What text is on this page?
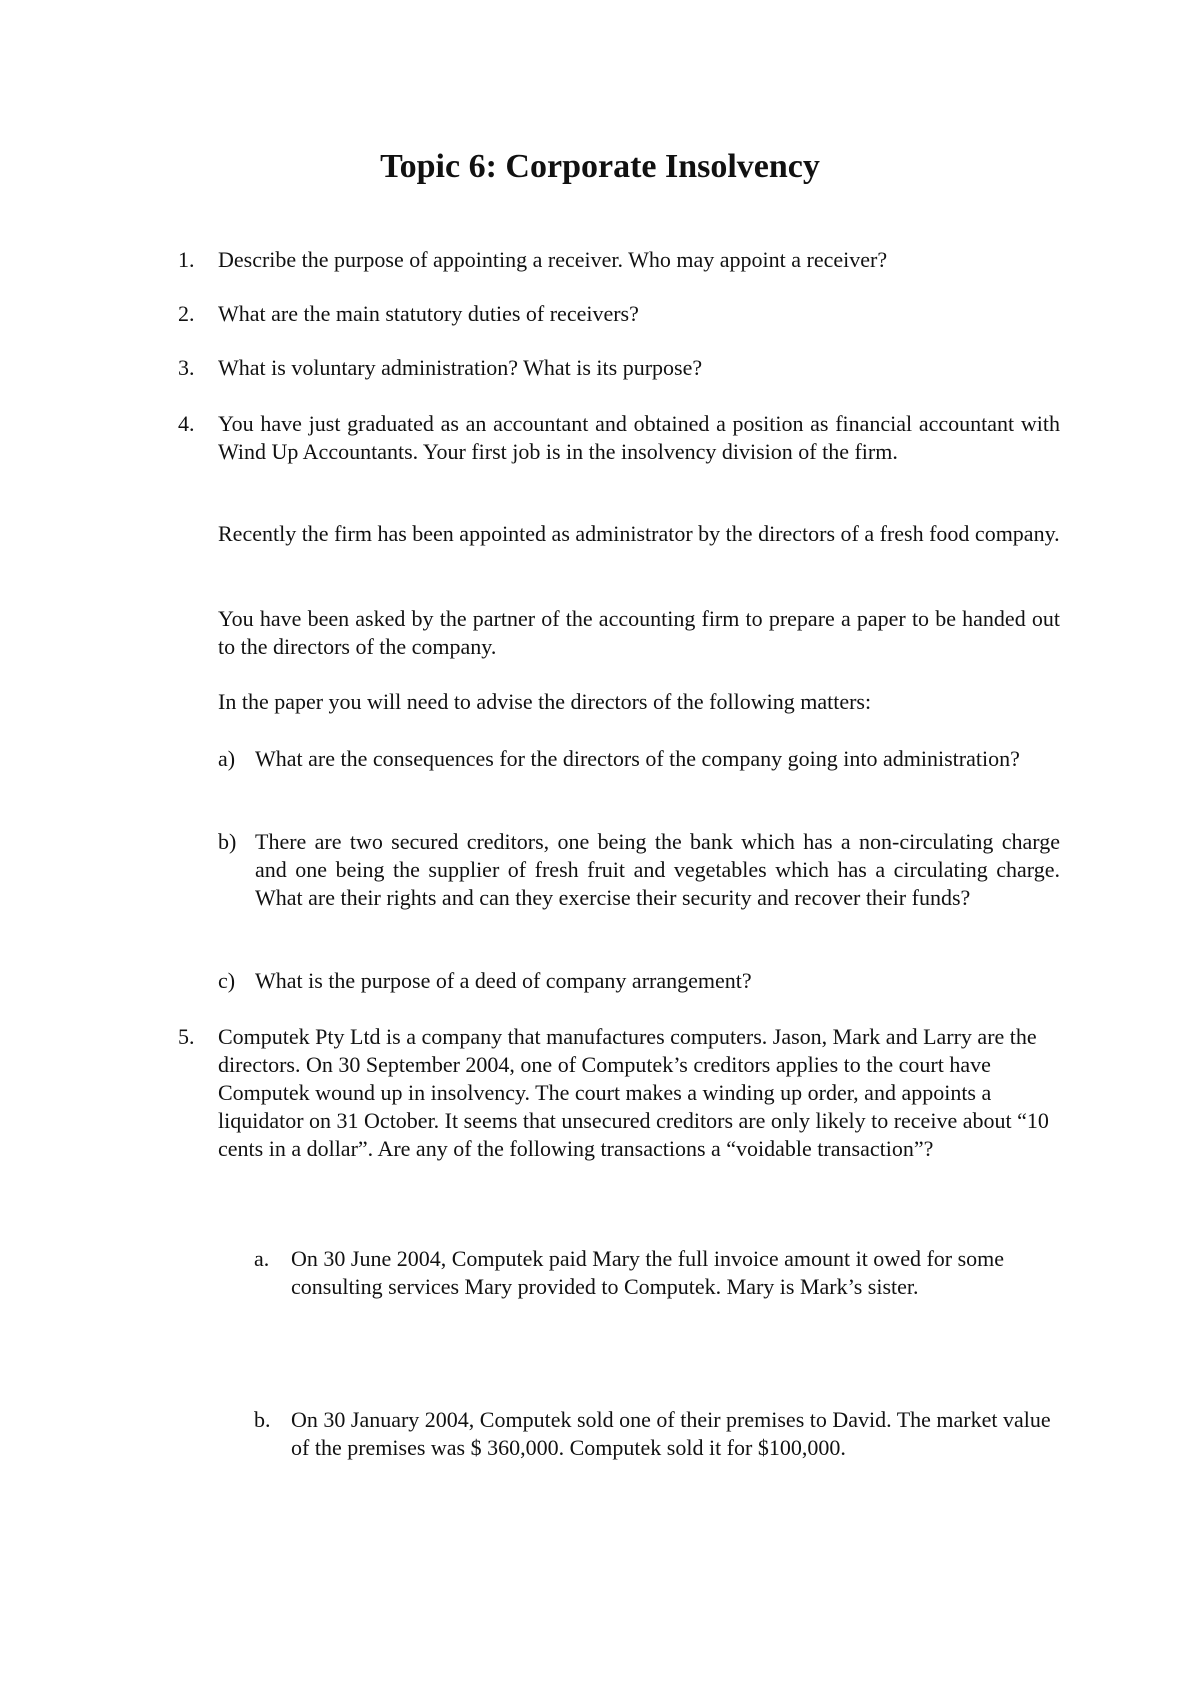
Topic 6: Corporate Insolvency
1. Describe the purpose of appointing a receiver. Who may appoint a receiver?

2. What are the main statutory duties of receivers?

3. What is voluntary administration? What is its purpose?

4. You have just graduated as an accountant and obtained a position as financial accountant with Wind Up Accountants. Your first job is in the insolvency division of the firm.

Recently the firm has been appointed as administrator by the directors of a fresh food company.

You have been asked by the partner of the accounting firm to prepare a paper to be handed out to the directors of the company.

In the paper you will need to advise the directors of the following matters:

a) What are the consequences for the directors of the company going into administration?

b) There are two secured creditors, one being the bank which has a non-circulating charge and one being the supplier of fresh fruit and vegetables which has a circulating charge. What are their rights and can they exercise their security and recover their funds?

c) What is the purpose of a deed of company arrangement?

5. Computek Pty Ltd is a company that manufactures computers. Jason, Mark and Larry are the directors. On 30 September 2004, one of Computek’s creditors applies to the court have Computek wound up in insolvency. The court makes a winding up order, and appoints a liquidator on 31 October. It seems that unsecured creditors are only likely to receive about “10 cents in a dollar”. Are any of the following transactions a “voidable transaction”?

a. On 30 June 2004, Computek paid Mary the full invoice amount it owed for some consulting services Mary provided to Computek. Mary is Mark’s sister.

b. On 30 January 2004, Computek sold one of their premises to David. The market value of the premises was $ 360,000. Computek sold it for $100,000.
